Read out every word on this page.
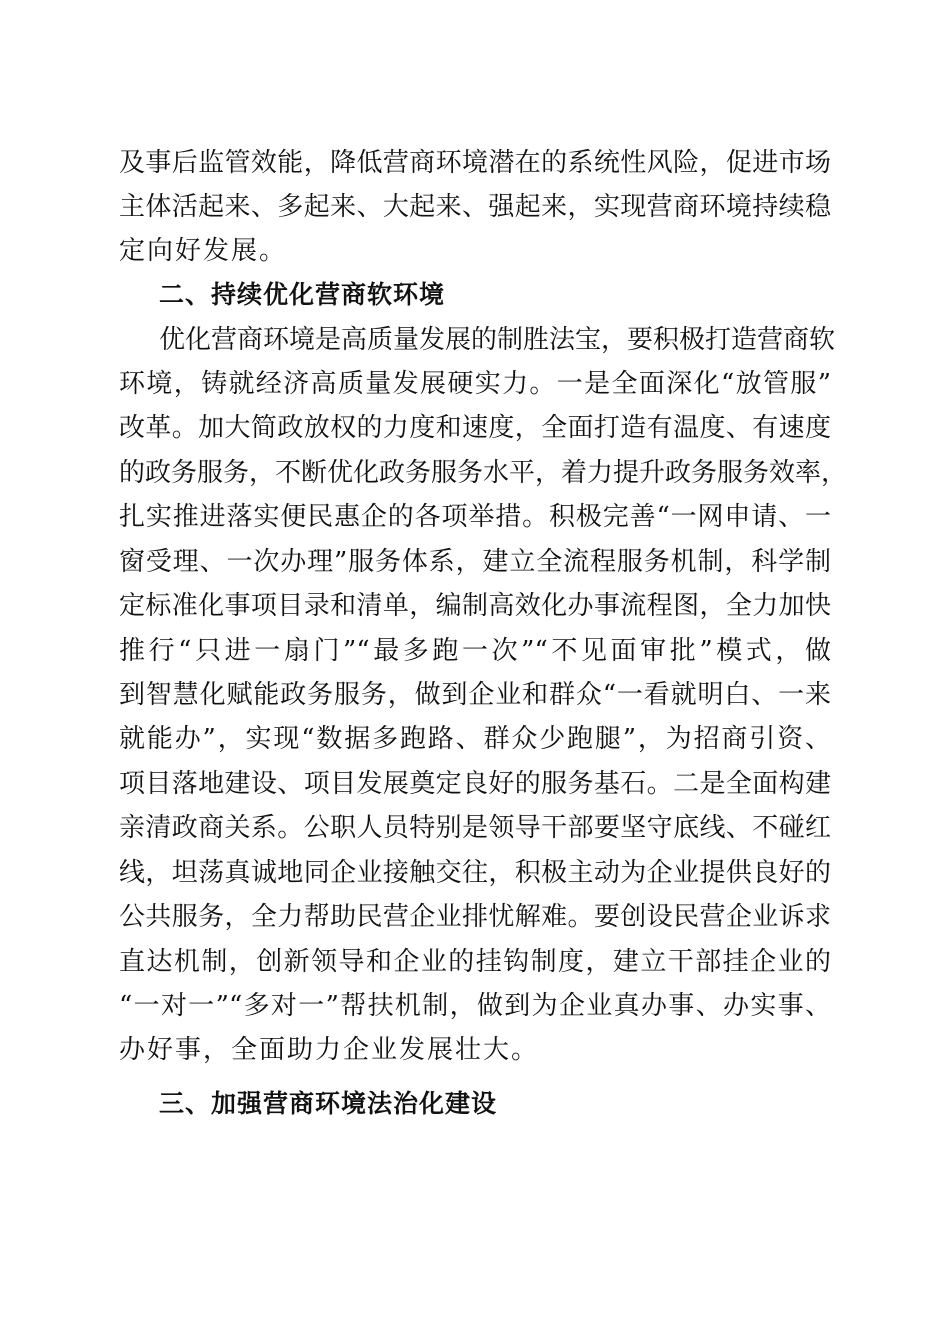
及事后监管效能，降低营商环境潜在的系统性风险，促进市场
主体活起来、多起来、大起来、强起来，实现营商环境持续稳
定向好发展。
二、持续优化营商软环境
优化营商环境是高质量发展的制胜法宝，要积极打造营商软
环境，铸就经济高质量发展硬实力。一是全面深化“放管服”
改革。加大简政放权的力度和速度，全面打造有温度、有速度
的政务服务，不断优化政务服务水平，着力提升政务服务效率，
扎实推进落实便民惠企的各项举措。积极完善“一网申请、一
窗受理、一次办理”服务体系，建立全流程服务机制，科学制
定标准化事项目录和清单，编制高效化办事流程图，全力加快
推行“只进一扇门”“最多跑一次”“不见面审批”模式，做
到智慧化赋能政务服务，做到企业和群众“一看就明白、一来
就能办”，实现“数据多跑路、群众少跑腿”，为招商引资、
项目落地建设、项目发展奠定良好的服务基石。二是全面构建
亲清政商关系。公职人员特别是领导干部要坚守底线、不碰红
线，坦荡真诚地同企业接触交往，积极主动为企业提供良好的
公共服务，全力帮助民营企业排忧解难。要创设民营企业诉求
直达机制，创新领导和企业的挂钩制度，建立干部挂企业的
“一对一”“多对一”帮扶机制，做到为企业真办事、办实事、
办好事，全面助力企业发展壮大。
三、加强营商环境法治化建设
